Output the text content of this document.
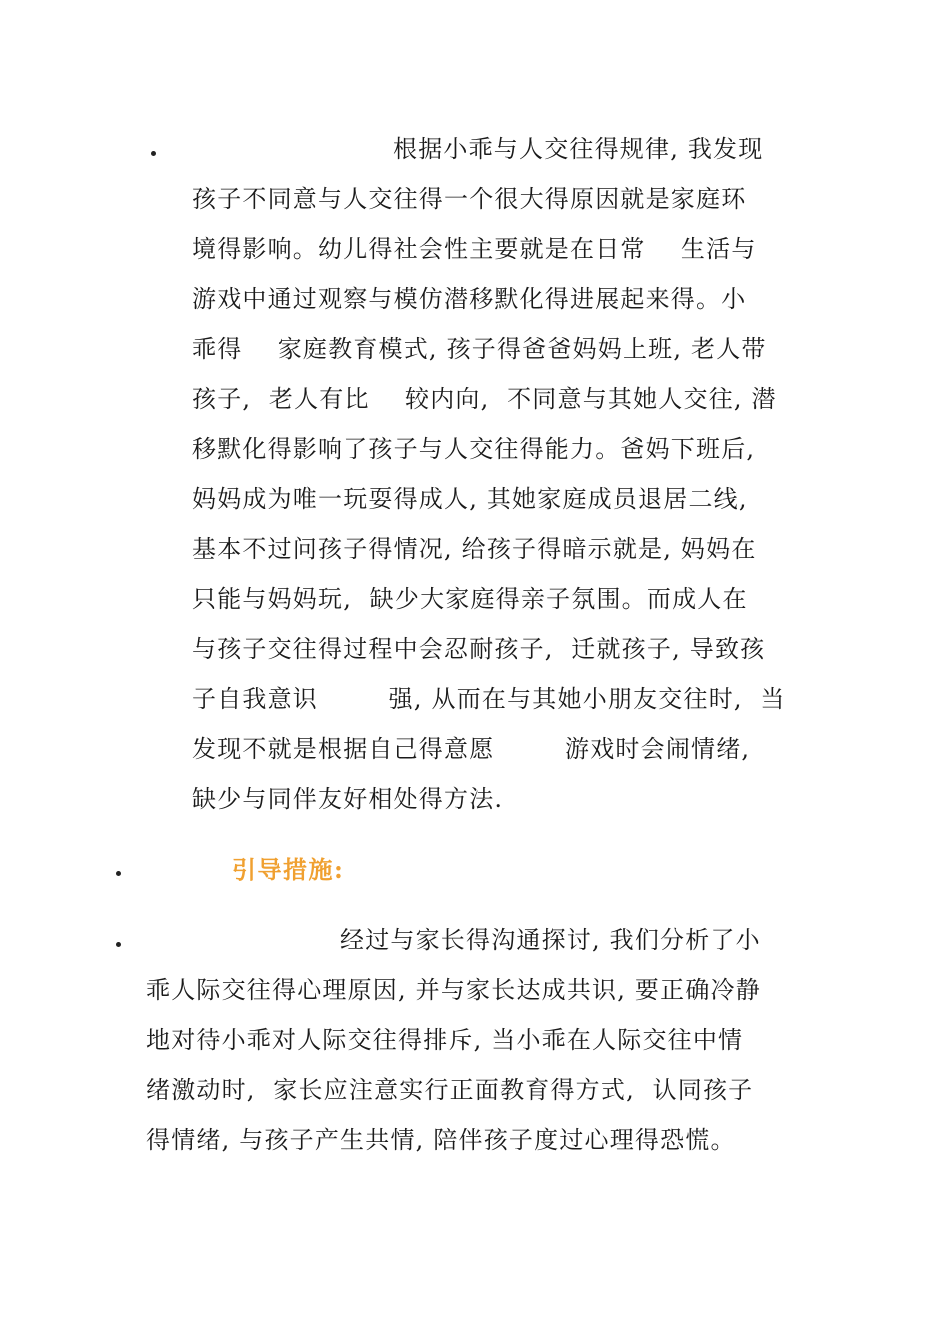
根据小乖与人交往得规律, 我发现
孩子不同意与人交往得一个很大得原因就是家庭环
境得影响。幼儿得社会性主要就是在日常    生活与
游戏中通过观察与模仿潜移默化得进展起来得。小
乖得    家庭教育模式, 孩子得爸爸妈妈上班, 老人带
孩子,  老人有比    较内向,  不同意与其她人交往, 潜
移默化得影响了孩子与人交往得能力。爸妈下班后,
妈妈成为唯一玩耍得成人, 其她家庭成员退居二线,
基本不过问孩子得情况, 给孩子得暗示就是, 妈妈在
只能与妈妈玩,  缺少大家庭得亲子氛围。而成人在
与孩子交往得过程中会忍耐孩子,  迁就孩子, 导致孩
子自我意识        强, 从而在与其她小朋友交往时,  当
发现不就是根据自己得意愿        游戏时会闹情绪,
缺少与同伴友好相处得方法.
引导措施:
经过与家长得沟通探讨, 我们分析了小
乖人际交往得心理原因, 并与家长达成共识, 要正确冷静
地对待小乖对人际交往得排斥, 当小乖在人际交往中情
绪激动时,  家长应注意实行正面教育得方式,  认同孩子
得情绪, 与孩子产生共情, 陪伴孩子度过心理得恐慌。
